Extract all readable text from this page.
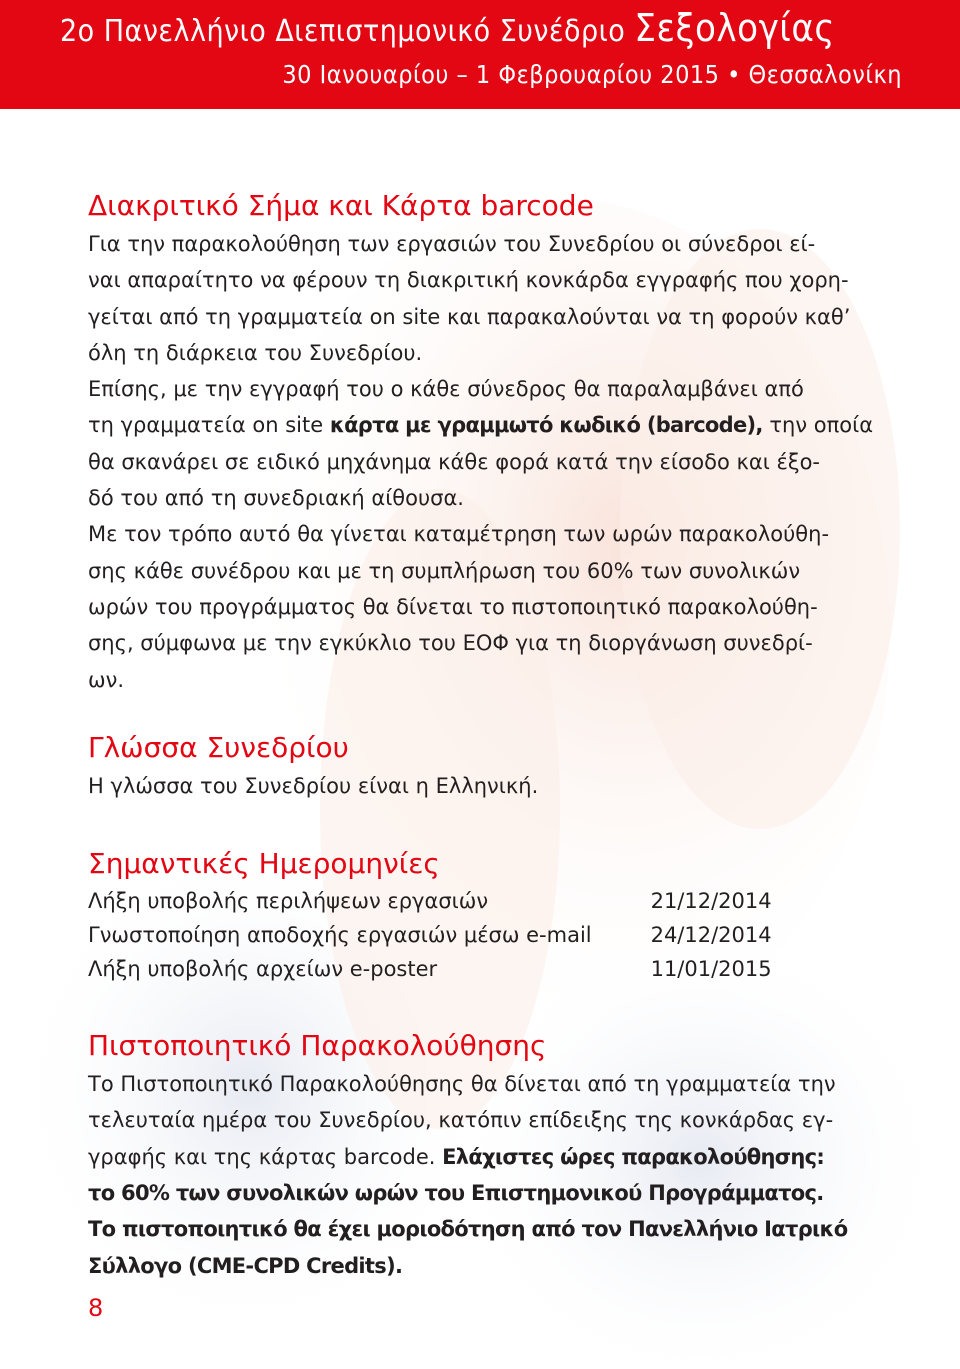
2ο Πανελλήνιο Διεπιστημονικό Συνέδριο Σεξολογίας
30 Ιανουαρίου – 1 Φεβρουαρίου 2015 • Θεσσαλονίκη
Διακριτικό Σήμα και Κάρτα barcode

Για την παρακολούθηση των εργασιών του Συνεδρίου οι σύνεδροι εί-

ναι απαραίτητο να φέρουν τη διακριτική κονκάρδα εγγραφής που χορη-

γείται από τη γραμματεία on site και παρακαλούνται να τη φορούν καθ’

όλη τη διάρκεια του Συνεδρίου.

Επίσης, με την εγγραφή του ο κάθε σύνεδρος θα παραλαμβάνει από

τη γραμματεία on site κάρτα με γραμμωτό κωδικό (barcode), την οποία

θα σκανάρει σε ειδικό μηχάνημα κάθε φορά κατά την είσοδο και έξο-

δό του από τη συνεδριακή αίθουσα.

Με τον τρόπο αυτό θα γίνεται καταμέτρηση των ωρών παρακολούθη-

σης κάθε συνέδρου και με τη συμπλήρωση του 60% των συνολικών

ωρών του προγράμματος θα δίνεται το πιστοποιητικό παρακολούθη-

σης, σύμφωνα με την εγκύκλιο του ΕΟΦ για τη διοργάνωση συνεδρί-

ων.

Γλώσσα Συνεδρίου

Η γλώσσα του Συνεδρίου είναι η Ελληνική.

Σημαντικές Ημερομηνίες
Λήξη υποβολής περιλήψεων εργασιών	21/12/2014
Γνωστοποίηση αποδοχής εργασιών μέσω e-mail	24/12/2014
Λήξη υποβολής αρχείων e-poster	11/01/2015
Πιστοποιητικό Παρακολούθησης

Το Πιστοποιητικό Παρακολούθησης θα δίνεται από τη γραμματεία την

τελευταία ημέρα του Συνεδρίου, κατόπιν επίδειξης της κονκάρδας εγ-

γραφής και της κάρτας barcode. Ελάχιστες ώρες παρακολούθησης:

το 60% των συνολικών ωρών του Επιστημονικού Προγράμματος.

Το πιστοποιητικό θα έχει μοριοδότηση από τον Πανελλήνιο Ιατρικό

Σύλλογο (CME-CPD Credits).

8
